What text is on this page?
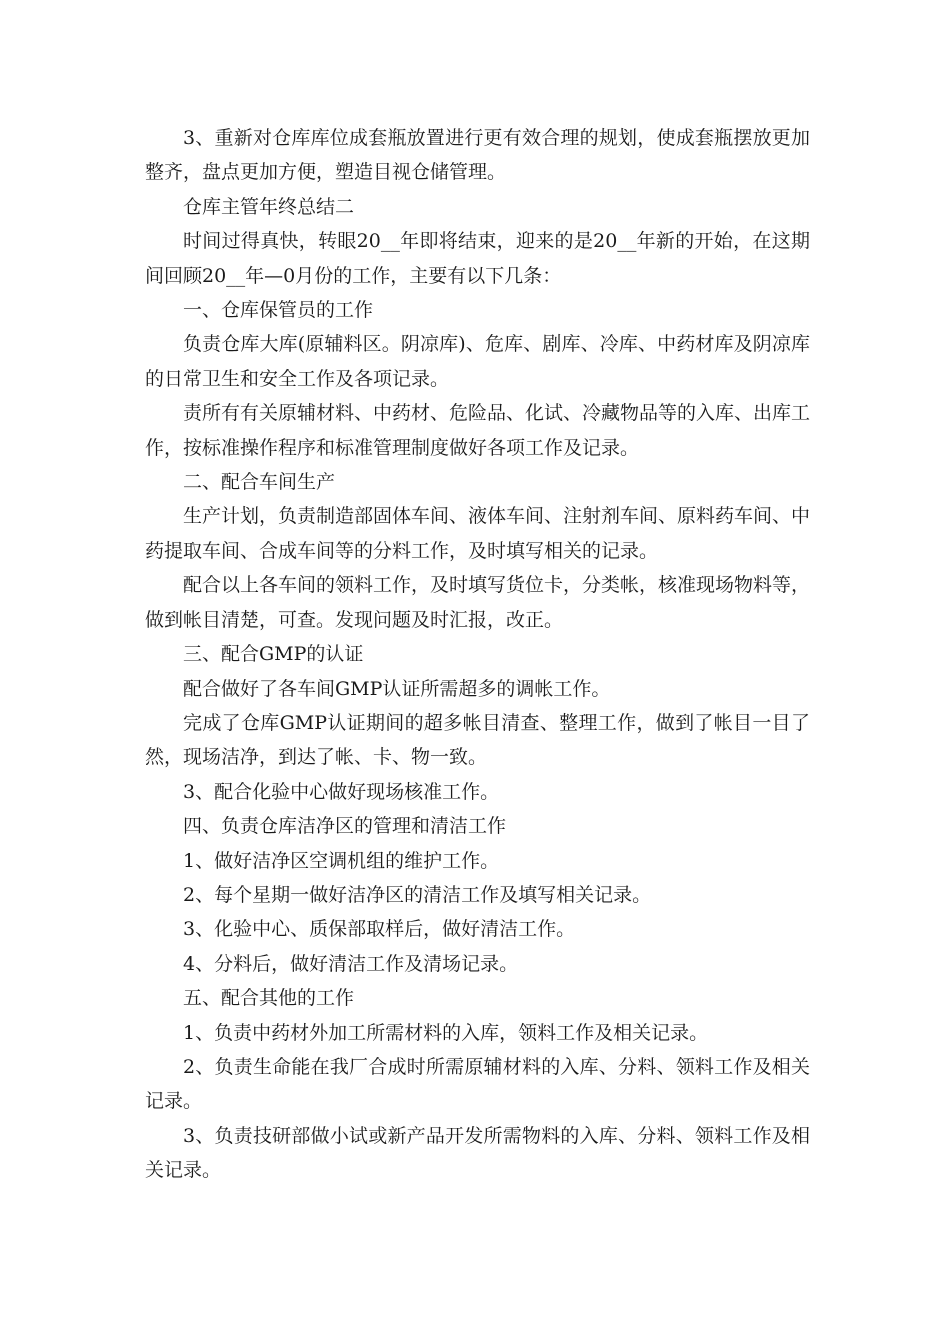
3、重新对仓库库位成套瓶放置进行更有效合理的规划，使成套瓶摆放更加整齐，盘点更加方便，塑造目视仓储管理。

仓库主管年终总结二

时间过得真快，转眼20__年即将结束，迎来的是20__年新的开始，在这期间回顾20__年—0月份的工作，主要有以下几条：

一、仓库保管员的工作

负责仓库大库(原辅料区。阴凉库)、危库、剧库、冷库、中药材库及阴凉库的日常卫生和安全工作及各项记录。

责所有有关原辅材料、中药材、危险品、化试、冷藏物品等的入库、出库工作，按标准操作程序和标准管理制度做好各项工作及记录。

二、配合车间生产

生产计划，负责制造部固体车间、液体车间、注射剂车间、原料药车间、中药提取车间、合成车间等的分料工作，及时填写相关的记录。

配合以上各车间的领料工作，及时填写货位卡，分类帐，核准现场物料等，做到帐目清楚，可查。发现问题及时汇报，改正。

三、配合GMP的认证

配合做好了各车间GMP认证所需超多的调帐工作。

完成了仓库GMP认证期间的超多帐目清查、整理工作，做到了帐目一目了然，现场洁净，到达了帐、卡、物一致。

3、配合化验中心做好现场核准工作。

四、负责仓库洁净区的管理和清洁工作

1、做好洁净区空调机组的维护工作。

2、每个星期一做好洁净区的清洁工作及填写相关记录。

3、化验中心、质保部取样后，做好清洁工作。

4、分料后，做好清洁工作及清场记录。

五、配合其他的工作

1、负责中药材外加工所需材料的入库，领料工作及相关记录。

2、负责生命能在我厂合成时所需原辅材料的入库、分料、领料工作及相关记录。

3、负责技研部做小试或新产品开发所需物料的入库、分料、领料工作及相关记录。
